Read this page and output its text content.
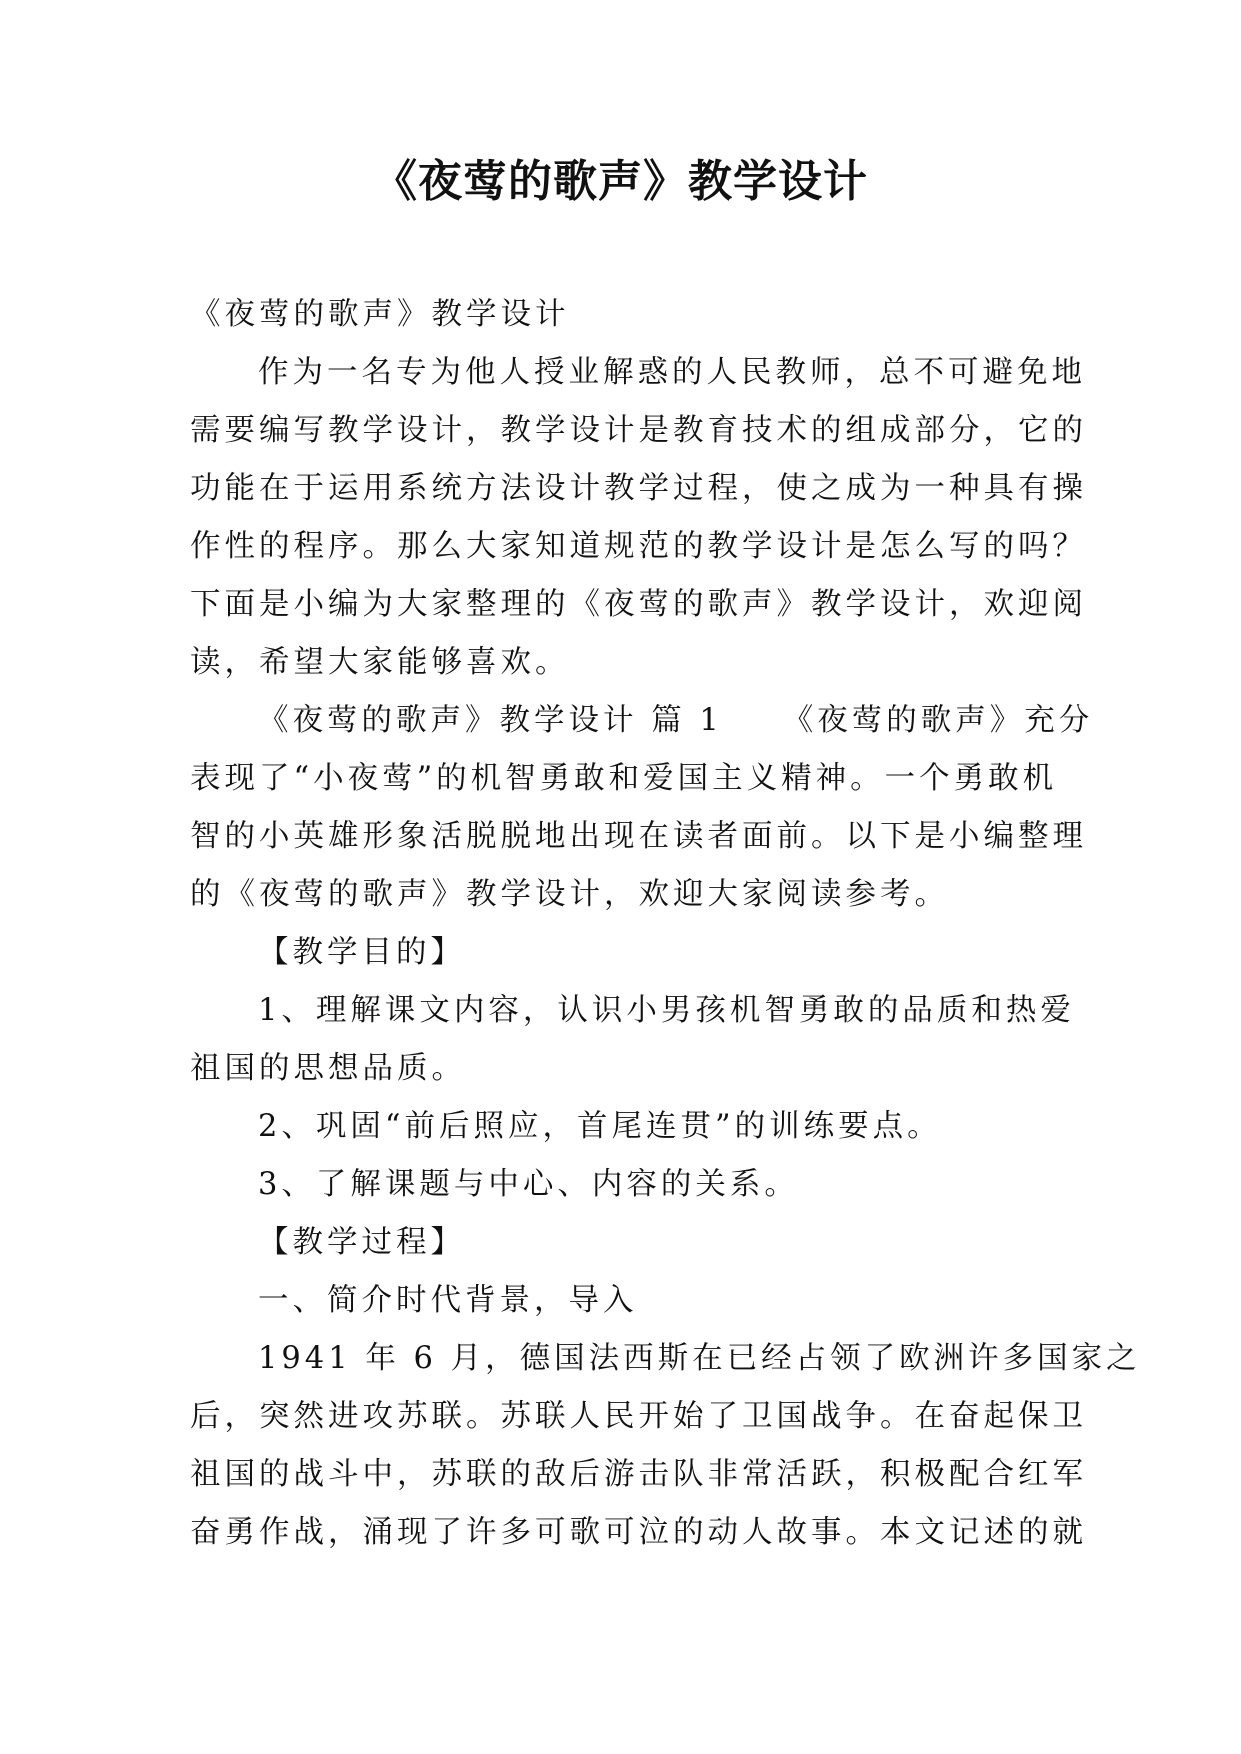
《夜莺的歌声》教学设计
《夜莺的歌声》教学设计
作为一名专为他人授业解惑的人民教师，总不可避免地
需要编写教学设计，教学设计是教育技术的组成部分，它的
功能在于运用系统方法设计教学过程，使之成为一种具有操
作性的程序。那么大家知道规范的教学设计是怎么写的吗？
下面是小编为大家整理的《夜莺的歌声》教学设计，欢迎阅
读，希望大家能够喜欢。
《夜莺的歌声》教学设计 篇 1 《夜莺的歌声》充分
表现了“小夜莺”的机智勇敢和爱国主义精神。一个勇敢机
智的小英雄形象活脱脱地出现在读者面前。以下是小编整理
的《夜莺的歌声》教学设计，欢迎大家阅读参考。
【教学目的】
1、理解课文内容，认识小男孩机智勇敢的品质和热爱
祖国的思想品质。
2、巩固“前后照应，首尾连贯”的训练要点。
3、了解课题与中心、内容的关系。
【教学过程】
一、简介时代背景，导入
1941 年 6 月，德国法西斯在已经占领了欧洲许多国家之
后，突然进攻苏联。苏联人民开始了卫国战争。在奋起保卫
祖国的战斗中，苏联的敌后游击队非常活跃，积极配合红军
奋勇作战，涌现了许多可歌可泣的动人故事。本文记述的就
